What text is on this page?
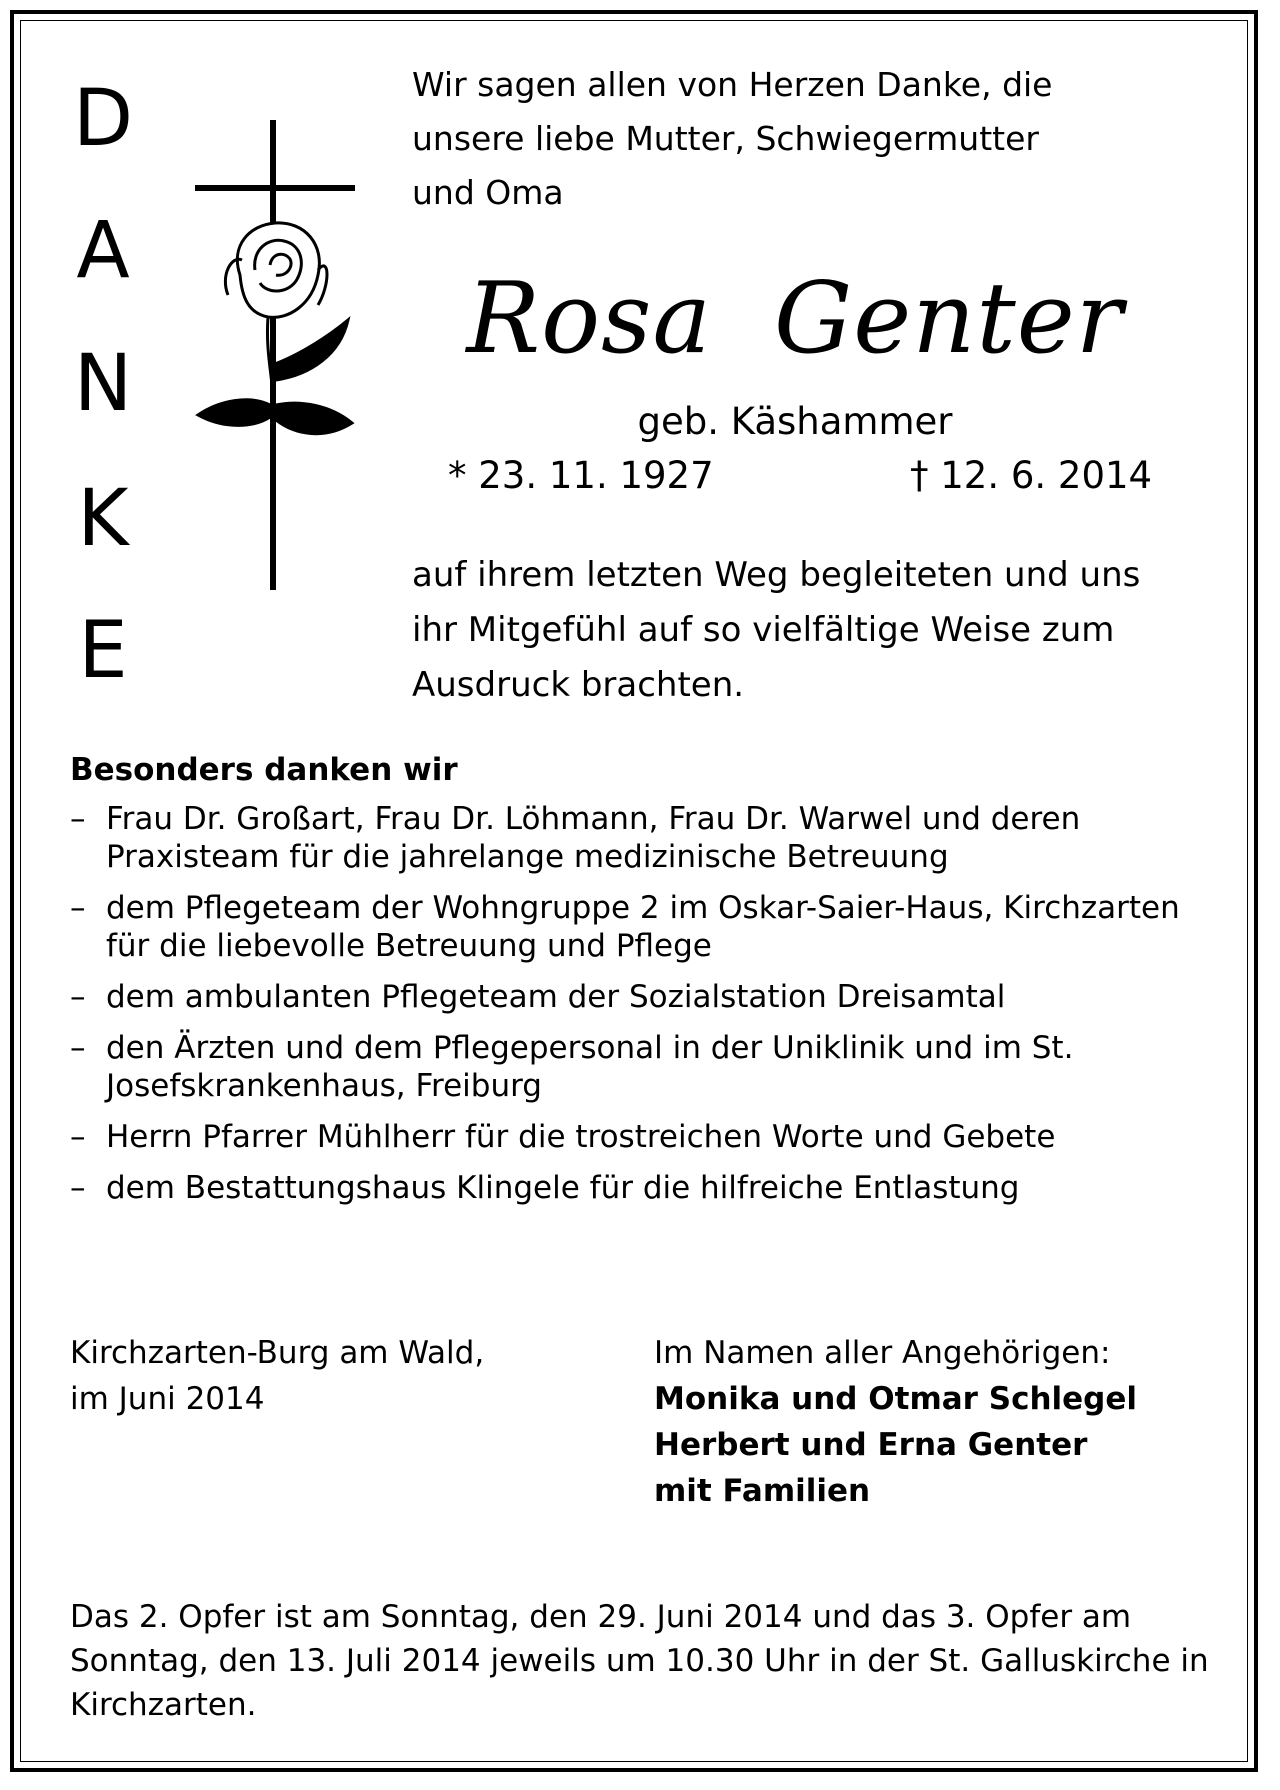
D
A
N
K
E
Wir sagen allen von Herzen Danke, die
unsere liebe Mutter, Schwiegermutter
und Oma
Rosa Genter
geb. Käshammer
* 23. 11. 1927	† 12. 6. 2014
auf ihrem letzten Weg begleiteten und uns
ihr Mitgefühl auf so vielfältige Weise zum
Ausdruck brachten.
Besonders danken wir
– Frau Dr. Großart, Frau Dr. Löhmann, Frau Dr. Warwel und deren Praxisteam für die jahrelange medizinische Betreuung
– dem Pflegeteam der Wohngruppe 2 im Oskar-Saier-Haus, Kirchzarten für die liebevolle Betreuung und Pflege
– dem ambulanten Pflegeteam der Sozialstation Dreisamtal
– den Ärzten und dem Pflegepersonal in der Uniklinik und im St. Josefskrankenhaus, Freiburg
– Herrn Pfarrer Mühlherr für die trostreichen Worte und Gebete
– dem Bestattungshaus Klingele für die hilfreiche Entlastung
Kirchzarten-Burg am Wald,
im Juni 2014
Im Namen aller Angehörigen:
Monika und Otmar Schlegel
Herbert und Erna Genter
mit Familien
Das 2. Opfer ist am Sonntag, den 29. Juni 2014 und das 3. Opfer am Sonntag, den 13. Juli 2014 jeweils um 10.30 Uhr in der St. Galluskirche in Kirchzarten.
